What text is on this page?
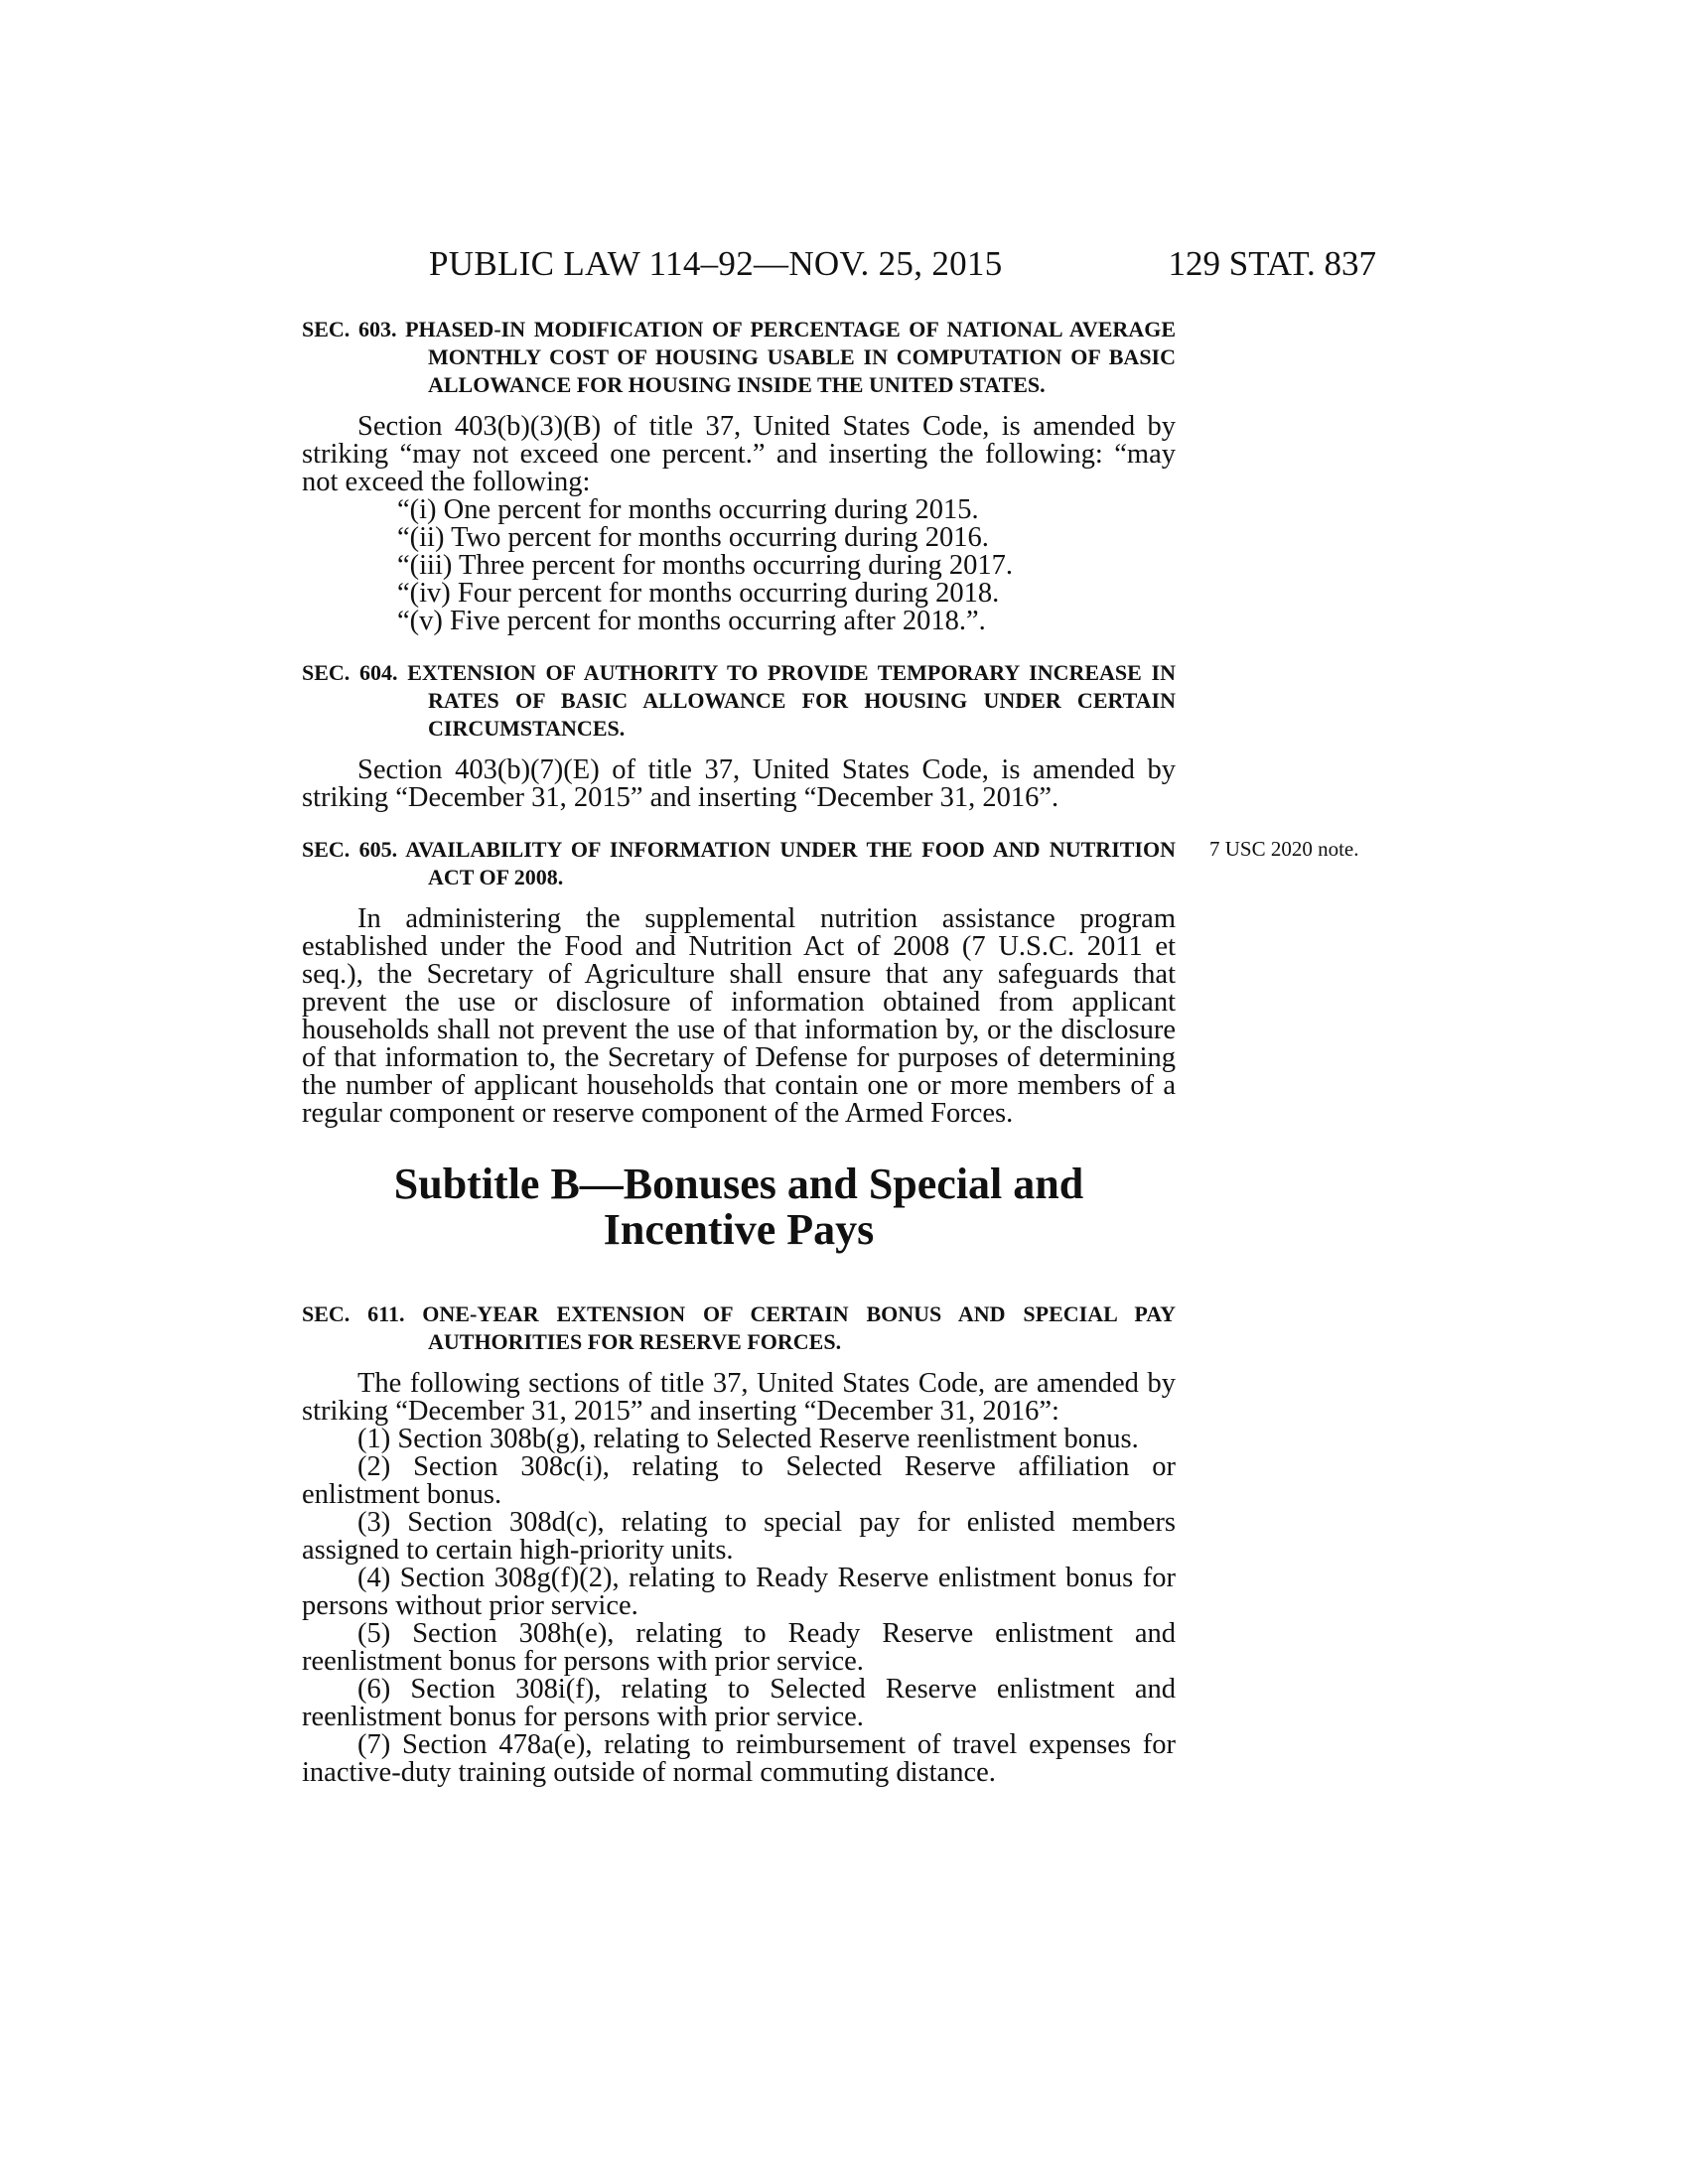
PUBLIC LAW 114–92—NOV. 25, 2015	129 STAT. 837

SEC. 603. PHASED-IN MODIFICATION OF PERCENTAGE OF NATIONAL AVERAGE MONTHLY COST OF HOUSING USABLE IN COMPUTATION OF BASIC ALLOWANCE FOR HOUSING INSIDE THE UNITED STATES.

Section 403(b)(3)(B) of title 37, United States Code, is amended by striking “may not exceed one percent.” and inserting the following: “may not exceed the following:

“(i) One percent for months occurring during 2015.
“(ii) Two percent for months occurring during 2016.
“(iii) Three percent for months occurring during 2017.
“(iv) Four percent for months occurring during 2018.
“(v) Five percent for months occurring after 2018.”.

SEC. 604. EXTENSION OF AUTHORITY TO PROVIDE TEMPORARY INCREASE IN RATES OF BASIC ALLOWANCE FOR HOUSING UNDER CERTAIN CIRCUMSTANCES.

Section 403(b)(7)(E) of title 37, United States Code, is amended by striking “December 31, 2015” and inserting “December 31, 2016”.

7 USC 2020 note.

SEC. 605. AVAILABILITY OF INFORMATION UNDER THE FOOD AND NUTRITION ACT OF 2008.

In administering the supplemental nutrition assistance program established under the Food and Nutrition Act of 2008 (7 U.S.C. 2011 et seq.), the Secretary of Agriculture shall ensure that any safeguards that prevent the use or disclosure of information obtained from applicant households shall not prevent the use of that information by, or the disclosure of that information to, the Secretary of Defense for purposes of determining the number of applicant households that contain one or more members of a regular component or reserve component of the Armed Forces.

Subtitle B—Bonuses and Special and
Incentive Pays

SEC. 611. ONE-YEAR EXTENSION OF CERTAIN BONUS AND SPECIAL PAY AUTHORITIES FOR RESERVE FORCES.

The following sections of title 37, United States Code, are amended by striking “December 31, 2015” and inserting “December 31, 2016”:

(1) Section 308b(g), relating to Selected Reserve reenlistment bonus.

(2) Section 308c(i), relating to Selected Reserve affiliation or enlistment bonus.

(3) Section 308d(c), relating to special pay for enlisted members assigned to certain high-priority units.

(4) Section 308g(f)(2), relating to Ready Reserve enlistment bonus for persons without prior service.

(5) Section 308h(e), relating to Ready Reserve enlistment and reenlistment bonus for persons with prior service.

(6) Section 308i(f), relating to Selected Reserve enlistment and reenlistment bonus for persons with prior service.

(7) Section 478a(e), relating to reimbursement of travel expenses for inactive-duty training outside of normal commuting distance.
